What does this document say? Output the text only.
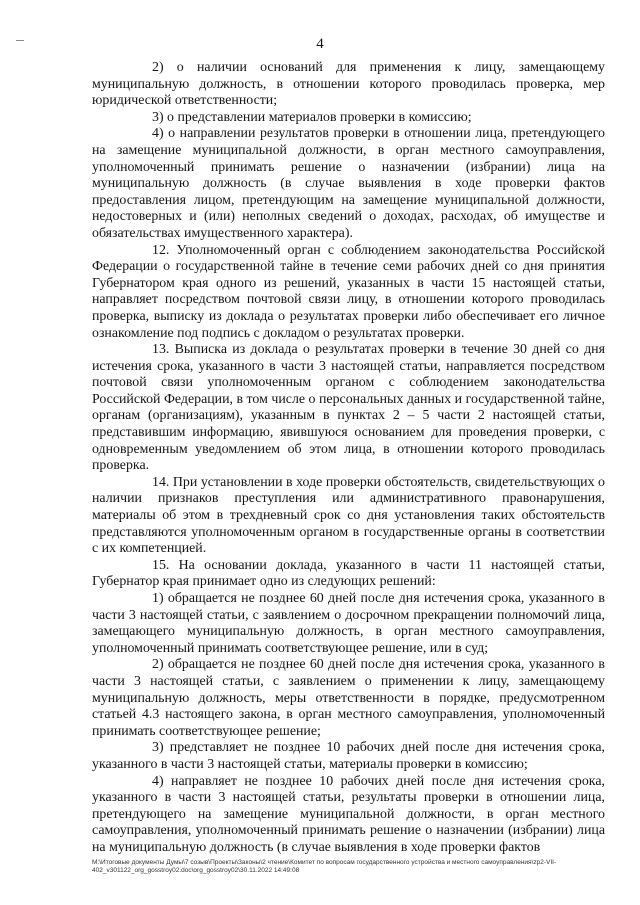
4

2) о наличии оснований для применения к лицу, замещающему муниципальную должность, в отношении которого проводилась проверка, мер юридической ответственности;

3) о представлении материалов проверки в комиссию;

4) о направлении результатов проверки в отношении лица, претендующего на замещение муниципальной должности, в орган местного самоуправления, уполномоченный принимать решение о назначении (избрании) лица на муниципальную должность (в случае выявления в ходе проверки фактов предоставления лицом, претендующим на замещение муниципальной должности, недостоверных и (или) неполных сведений о доходах, расходах, об имуществе и обязательствах имущественного характера).

12. Уполномоченный орган с соблюдением законодательства Российской Федерации о государственной тайне в течение семи рабочих дней со дня принятия Губернатором края одного из решений, указанных в части 15 настоящей статьи, направляет посредством почтовой связи лицу, в отношении которого проводилась проверка, выписку из доклада о результатах проверки либо обеспечивает его личное ознакомление под подпись с докладом о результатах проверки.

13. Выписка из доклада о результатах проверки в течение 30 дней со дня истечения срока, указанного в части 3 настоящей статьи, направляется посредством почтовой связи уполномоченным органом с соблюдением законодательства Российской Федерации, в том числе о персональных данных и государственной тайне, органам (организациям), указанным в пунктах 2 – 5 части 2 настоящей статьи, представившим информацию, явившуюся основанием для проведения проверки, с одновременным уведомлением об этом лица, в отношении которого проводилась проверка.

14. При установлении в ходе проверки обстоятельств, свидетельствующих о наличии признаков преступления или административного правонарушения, материалы об этом в трехдневный срок со дня установления таких обстоятельств представляются уполномоченным органом в государственные органы в соответствии с их компетенцией.

15. На основании доклада, указанного в части 11 настоящей статьи, Губернатор края принимает одно из следующих решений:

1) обращается не позднее 60 дней после дня истечения срока, указанного в части 3 настоящей статьи, с заявлением о досрочном прекращении полномочий лица, замещающего муниципальную должность, в орган местного самоуправления, уполномоченный принимать соответствующее решение, или в суд;

2) обращается не позднее 60 дней после дня истечения срока, указанного в части 3 настоящей статьи, с заявлением о применении к лицу, замещающему муниципальную должность, меры ответственности в порядке, предусмотренном статьей 4.3 настоящего закона, в орган местного самоуправления, уполномоченный принимать соответствующее решение;

3) представляет не позднее 10 рабочих дней после дня истечения срока, указанного в части 3 настоящей статьи, материалы проверки в комиссию;

4) направляет не позднее 10 рабочих дней после дня истечения срока, указанного в части 3 настоящей статьи, результаты проверки в отношении лица, претендующего на замещение муниципальной должности, в орган местного самоуправления, уполномоченный принимать решение о назначении (избрании) лица на муниципальную должность (в случае выявления в ходе проверки фактов

M:\Итоговые документы Думы\7 созыв\Проекты\Законы\2 чтение\Комитет по вопросам государственного устройства и местного самоуправления\zp2-VII-402_v301122_org_gosstroy02.doc\org_gosstroy02\30.11.2022 14:49:08
